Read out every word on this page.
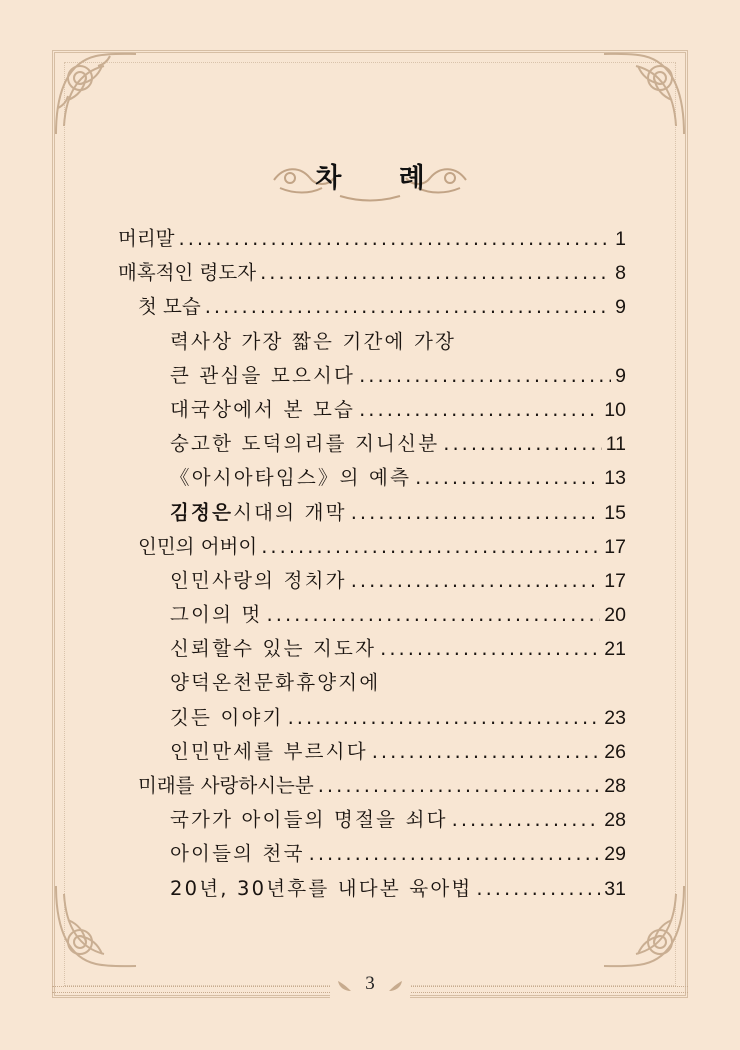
차 례
머리말 .....	1
매혹적인 령도자 .....	8
첫 모습 .....	9
력사상 가장 짧은 기간에 가장
큰 관심을 모으시다 .....	9
대국상에서 본 모습 .....	10
숭고한 도덕의리를 지니신분 .....	11
《아시아타임스》의 예측 .....	13
김정은시대의 개막 .....	15
인민의 어버이 .....	17
인민사랑의 정치가 .....	17
그이의 멋 .....	20
신뢰할수 있는 지도자 .....	21
양덕온천문화휴양지에
깃든 이야기 .....	23
인민만세를 부르시다 .....	26
미래를 사랑하시는분 .....	28
국가가 아이들의 명절을 쇠다 .....	28
아이들의 천국 .....	29
20년, 30년후를 내다본 육아법 .....	31
3
